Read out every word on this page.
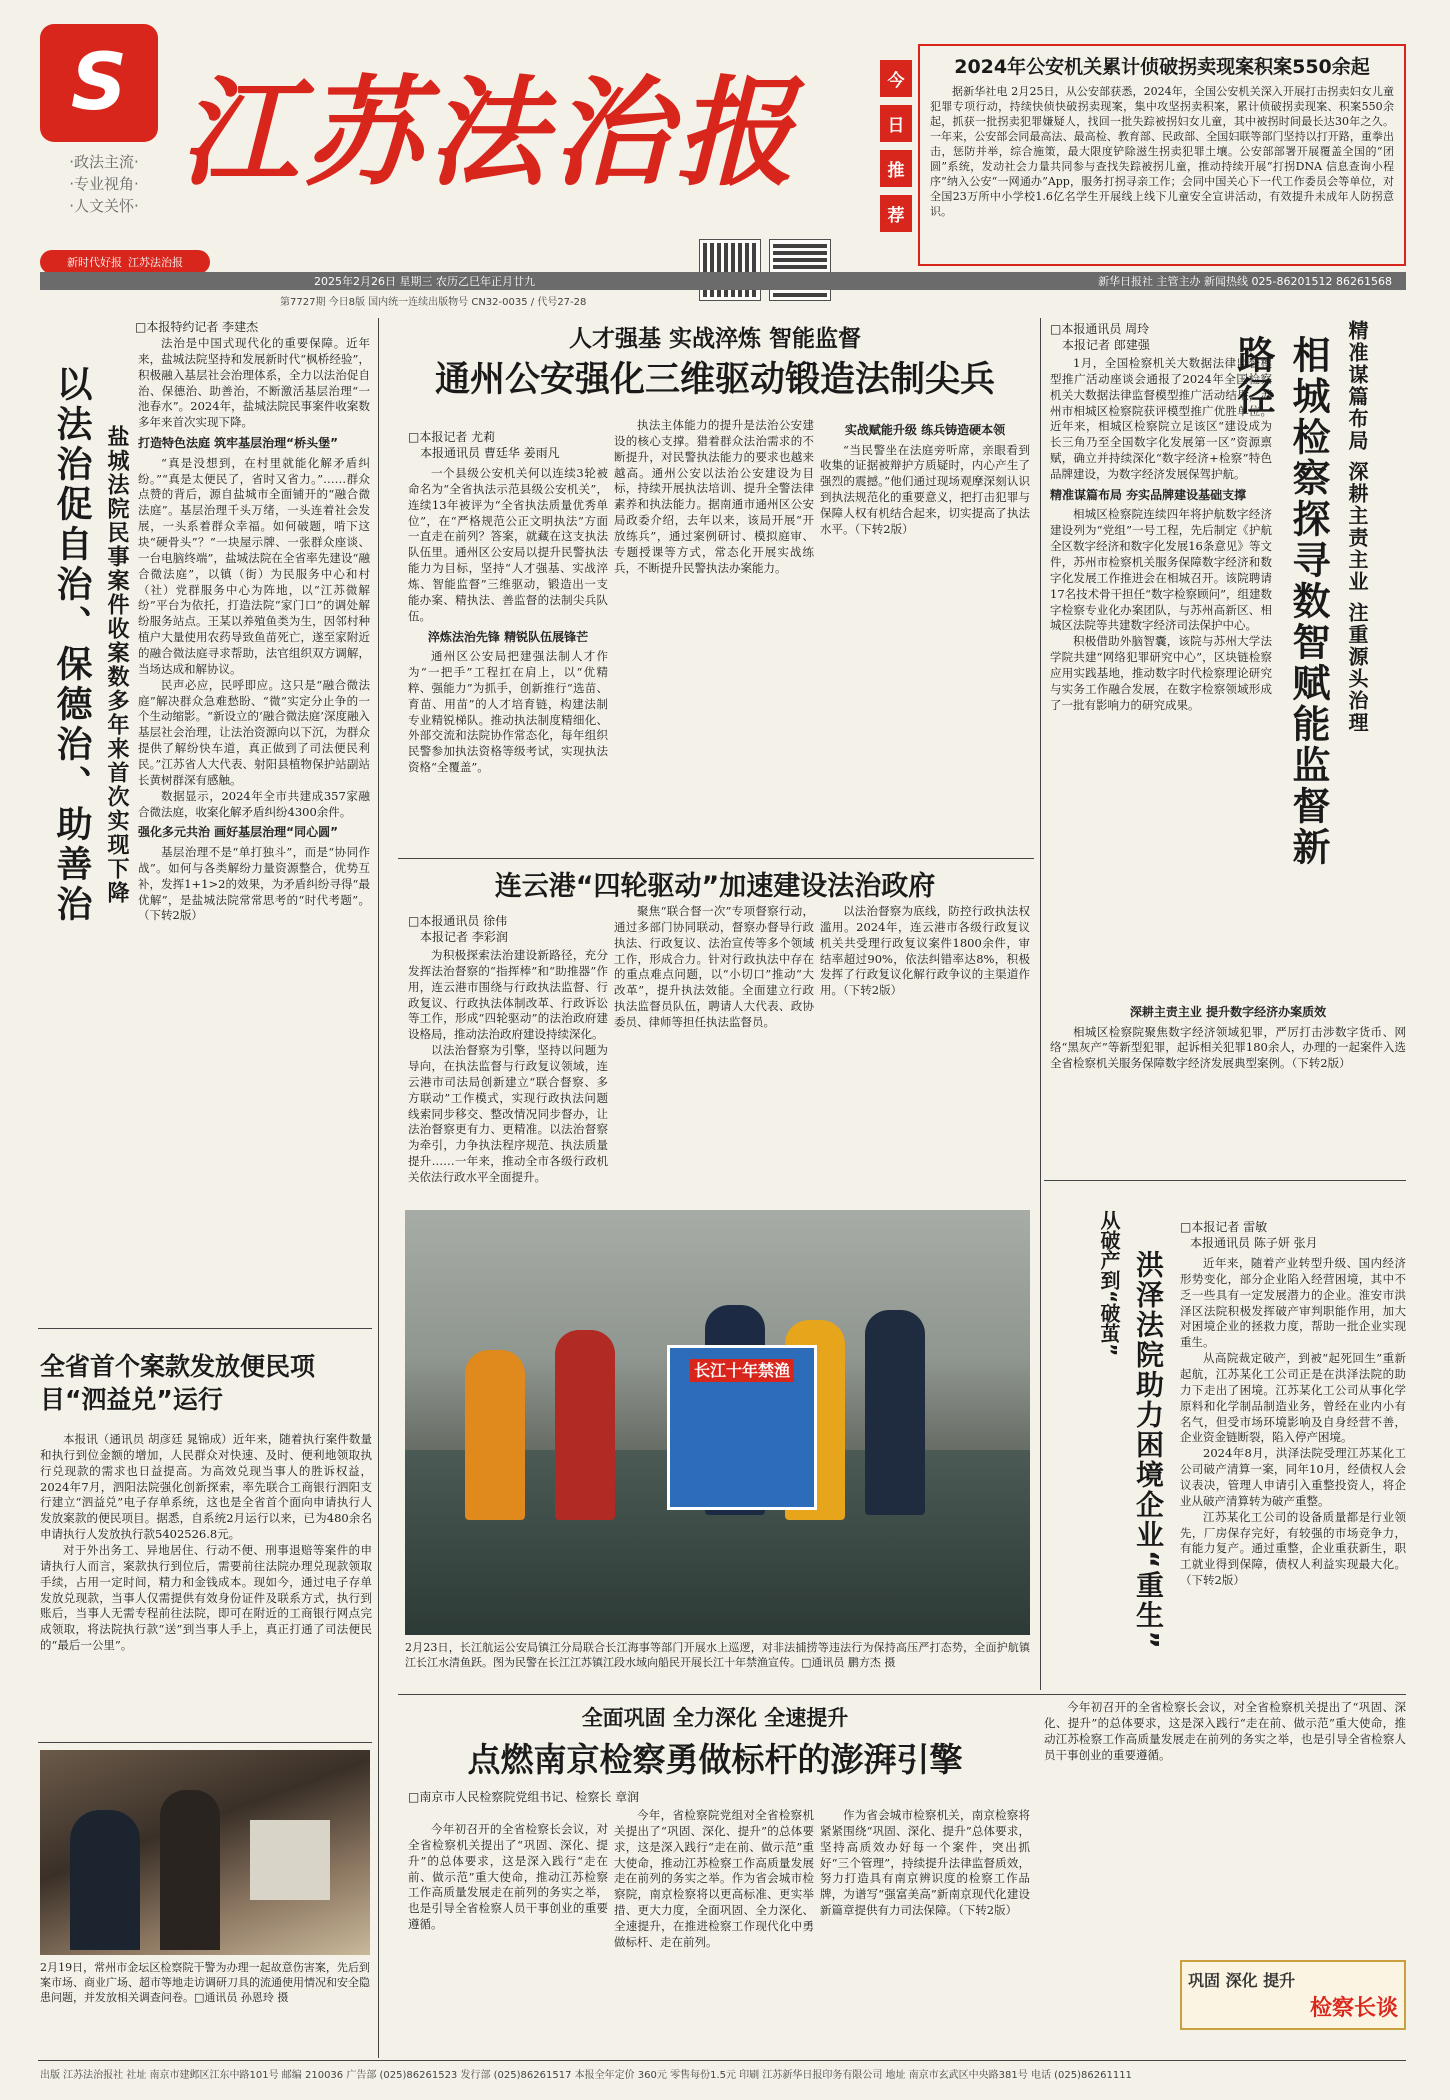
S
·政法主流·
·专业视角·
·人文关怀·
江苏法治报
新时代好报 江苏法治报
今
日
推
荐
2024年公安机关累计侦破拐卖现案积案550余起
据新华社电 2月25日，从公安部获悉，2024年，全国公安机关深入开展打击拐卖妇女儿童犯罪专项行动，持续快侦快破拐卖现案，集中攻坚拐卖积案，累计侦破拐卖现案、积案550余起，抓获一批拐卖犯罪嫌疑人，找回一批失踪被拐妇女儿童，其中被拐时间最长达30年之久。一年来，公安部会同最高法、最高检、教育部、民政部、全国妇联等部门坚持以打开路，重拳出击，惩防并举，综合施策，最大限度铲除滋生拐卖犯罪土壤。公安部部署开展覆盖全国的“团圆”系统，发动社会力量共同参与查找失踪被拐儿童，推动持续开展“打拐DNA 信息查询小程序”纳入公安“一网通办”App，服务打拐寻亲工作；会同中国关心下一代工作委员会等单位，对全国23万所中小学校1.6亿名学生开展线上线下儿童安全宣讲活动，有效提升未成年人防拐意识。
2025年2月26日 星期三 农历乙巳年正月廿九	新华日报社 主管主办 新闻热线 025-86201512 86261568
第7727期 今日8版 国内统一连续出版物号 CN32-0035 / 代号27-28
□本报特约记者 李建杰
以法治促自治、保德治、助善治 盐城法院民事案件收案数多年来首次实现下降

法治是中国式现代化的重要保障。近年来，盐城法院坚持和发展新时代“枫桥经验”，积极融入基层社会治理体系，全力以法治促自治、保德治、助善治，不断激活基层治理“一池春水”。2024年，盐城法院民事案件收案数多年来首次实现下降。

打造特色法庭 筑牢基层治理“桥头堡”

“真是没想到，在村里就能化解矛盾纠纷。”“真是太便民了，省时又省力。”……群众点赞的背后，源自盐城市全面铺开的“融合微法庭”。基层治理千头万绪，一头连着社会发展，一头系着群众幸福。如何破题，啃下这块“硬骨头”？“一块屋示牌、一张群众座谈、一台电脑终端”，盐城法院在全省率先建设“融合微法庭”，以镇（街）为民服务中心和村（社）党群服务中心为阵地，以“江苏微解纷”平台为依托，打造法院“家门口”的调处解纷服务站点。王某以养殖鱼类为生，因邻村种植户大量使用农药导致鱼苗死亡，遂至家附近的融合微法庭寻求帮助，法官组织双方调解，当场达成和解协议。

民声必应，民呼即应。这只是“融合微法庭”解决群众急难愁盼、“微”实定分止争的一个生动缩影。“新设立的‘融合微法庭’深度融入基层社会治理，让法治资源向以下沉，为群众提供了解纷快车道，真正做到了司法便民利民。”江苏省人大代表、射阳县植物保护站副站长黄树群深有感触。

数据显示，2024年全市共建成357家融合微法庭，收案化解矛盾纠纷4300余件。

强化多元共治 画好基层治理“同心圆”

基层治理不是“单打独斗”，而是“协同作战”。如何与各类解纷力量资源整合，优势互补，发挥1+1>2的效果，为矛盾纠纷寻得“最优解”，是盐城法院常常思考的“时代考题”。（下转2版）

全省首个案款发放便民项目“泗益兑”运行

本报讯（通讯员 胡彦廷 晁锦成）近年来，随着执行案件数量和执行到位金额的增加，人民群众对快速、及时、便利地领取执行兑现款的需求也日益提高。为高效兑现当事人的胜诉权益，2024年7月，泗阳法院强化创新探索，率先联合工商银行泗阳支行建立“泗益兑”电子存单系统，这也是全省首个面向申请执行人发放案款的便民项目。据悉，自系统2月运行以来，已为480余名申请执行人发放执行款5402526.8元。

对于外出务工、异地居住、行动不便、刑事退赔等案件的申请执行人而言，案款执行到位后，需要前往法院办理兑现款领取手续，占用一定时间，精力和金钱成本。现如今，通过电子存单发放兑现款，当事人仅需提供有效身份证件及联系方式，执行到账后，当事人无需专程前往法院，即可在附近的工商银行网点完成领取，将法院执行款“送”到当事人手上，真正打通了司法便民的“最后一公里”。

2月19日，常州市金坛区检察院干警为办理一起故意伤害案，先后到案市场、商业广场、超市等地走访调研刀具的流通使用情况和安全隐患问题，并发放相关调查问卷。□通讯员 孙恩玲 摄
人才强基 实战淬炼 智能监督
通州公安强化三维驱动锻造法制尖兵
□本报记者 尤莉
本报通讯员 曹廷华 姜雨凡

一个县级公安机关何以连续3轮被命名为“全省执法示范县级公安机关”，连续13年被评为“全省执法质量优秀单位”，在“严格规范公正文明执法”方面一直走在前列？答案，就藏在这支执法队伍里。通州区公安局以提升民警执法能力为目标，坚持“人才强基、实战淬炼、智能监督”三维驱动，锻造出一支能办案、精执法、善监督的法制尖兵队伍。

淬炼法治先锋 精锐队伍展锋芒

通州区公安局把建强法制人才作为“一把手”工程扛在肩上，以“优精粹、强能力”为抓手，创新推行“选苗、育苗、用苗”的人才培育链，构建法制专业精锐梯队。推动执法制度精细化、外部交流和法院协作常态化，每年组织民警参加执法资格等级考试，实现执法资格“全覆盖”。

执法主体能力的提升是法治公安建设的核心支撑。猎着群众法治需求的不断提升，对民警执法能力的要求也越来越高。通州公安以法治公安建设为目标，持续开展执法培训、提升全警法律素养和执法能力。据南通市通州区公安局政委介绍，去年以来，该局开展“开放练兵”，通过案例研讨、模拟庭审、专题授课等方式，常态化开展实战练兵，不断提升民警执法办案能力。

实战赋能升级 练兵铸造硬本领

“当民警坐在法庭旁听席，亲眼看到收集的证据被辩护方质疑时，内心产生了强烈的震撼。”他们通过现场观摩深刻认识到执法规范化的重要意义，把打击犯罪与保障人权有机结合起来，切实提高了执法水平。（下转2版）

连云港“四轮驱动”加速建设法治政府
□本报通讯员 徐伟
本报记者 李彩润

为积极探索法治建设新路径，充分发挥法治督察的“指挥棒”和“助推器”作用，连云港市围绕与行政执法监督、行政复议、行政执法体制改革、行政诉讼等工作，形成“四轮驱动”的法治政府建设格局，推动法治政府建设持续深化。

以法治督察为引擎，坚持以问题为导向，在执法监督与行政复议领域，连云港市司法局创新建立“联合督察、多方联动”工作模式，实现行政执法问题线索同步移交、整改情况同步督办，让法治督察更有力、更精准。以法治督察为牵引，力争执法程序规范、执法质量提升……一年来，推动全市各级行政机关依法行政水平全面提升。

聚焦“联合督一次”专项督察行动，通过多部门协同联动，督察办督导行政执法、行政复议、法治宣传等多个领域工作，形成合力。针对行政执法中存在的重点难点问题，以“小切口”推动“大改革”，提升执法效能。全面建立行政执法监督员队伍，聘请人大代表、政协委员、律师等担任执法监督员。

以法治督察为底线，防控行政执法权滥用。2024年，连云港市各级行政复议机关共受理行政复议案件1800余件，审结率超过90%，依法纠错率达8%，积极发挥了行政复议化解行政争议的主渠道作用。（下转2版）

长江十年禁渔
2月23日，长江航运公安局镇江分局联合长江海事等部门开展水上巡逻，对非法捕捞等违法行为保持高压严打态势，全面护航镇江长江水清鱼跃。图为民警在长江江苏镇江段水域向船民开展长江十年禁渔宣传。□通讯员 鹏方杰 摄
全面巩固 全力深化 全速提升
点燃南京检察勇做标杆的澎湃引擎
□南京市人民检察院党组书记、检察长 章润

今年初召开的全省检察长会议，对全省检察机关提出了“巩固、深化、提升”的总体要求，这是深入践行“走在前、做示范”重大使命，推动江苏检察工作高质量发展走在前列的务实之举，也是引导全省检察人员干事创业的重要遵循。

今年，省检察院党组对全省检察机关提出了“巩固、深化、提升”的总体要求，这是深入践行“走在前、做示范”重大使命，推动江苏检察工作高质量发展走在前列的务实之举。作为省会城市检察院，南京检察将以更高标准、更实举措、更大力度，全面巩固、全力深化、全速提升，在推进检察工作现代化中勇做标杆、走在前列。

作为省会城市检察机关，南京检察将紧紧围绕“巩固、深化、提升”总体要求，坚持高质效办好每一个案件，突出抓好“三个管理”，持续提升法律监督质效，努力打造具有南京辨识度的检察工作品牌，为谱写“强富美高”新南京现代化建设新篇章提供有力司法保障。（下转2版）

□本报通讯员 周玲
本报记者 郎建强	精准谋篇布局 深耕主责主业 注重源头治理
相城检察探寻数智赋能监督新路径

1月，全国检察机关大数据法律监督模型推广活动座谈会通报了2024年全国检察机关大数据法律监督模型推广活动结果，苏州市相城区检察院获评模型推广优胜单位。近年来，相城区检察院立足该区“建设成为长三角乃至全国数字化发展第一区”资源禀赋，确立并持续深化“数字经济+检察”特色品牌建设，为数字经济发展保驾护航。

精准谋篇布局 夯实品牌建设基础支撑

相城区检察院连续四年将护航数字经济建设列为“党组”一号工程，先后制定《护航全区数字经济和数字化发展16条意见》等文件，苏州市检察机关服务保障数字经济和数字化发展工作推进会在相城召开。该院聘请17名技术骨干担任“数字检察顾问”，组建数字检察专业化办案团队，与苏州高新区、相城区法院等共建数字经济司法保护中心。

积极借助外脑智囊，该院与苏州大学法学院共建“网络犯罪研究中心”，区块链检察应用实践基地，推动数字时代检察理论研究与实务工作融合发展，在数字检察领域形成了一批有影响力的研究成果。

深耕主责主业 提升数字经济办案质效

相城区检察院聚焦数字经济领域犯罪，严厉打击涉数字货币、网络“黑灰产”等新型犯罪，起诉相关犯罪180余人，办理的一起案件入选全省检察机关服务保障数字经济发展典型案例。（下转2版）

从破产到“破茧” 洪泽法院助力困境企业“重生”
□本报记者 雷敏
本报通讯员 陈子妍 张月

近年来，随着产业转型升级、国内经济形势变化，部分企业陷入经营困境，其中不乏一些具有一定发展潜力的企业。淮安市洪泽区法院积极发挥破产审判职能作用，加大对困境企业的拯救力度，帮助一批企业实现重生。

从高院裁定破产，到被“起死回生”重新起航，江苏某化工公司正是在洪泽法院的助力下走出了困境。江苏某化工公司从事化学原料和化学制品制造业务，曾经在业内小有名气，但受市场环境影响及自身经营不善，企业资金链断裂，陷入停产困境。

2024年8月，洪泽法院受理江苏某化工公司破产清算一案，同年10月，经债权人会议表决，管理人申请引入重整投资人，将企业从破产清算转为破产重整。

江苏某化工公司的设备质量都是行业领先，厂房保存完好，有较强的市场竞争力，有能力复产。通过重整，企业重获新生，职工就业得到保障，债权人利益实现最大化。（下转2版）

今年初召开的全省检察长会议，对全省检察机关提出了“巩固、深化、提升”的总体要求，这是深入践行“走在前、做示范”重大使命，推动江苏检察工作高质量发展走在前列的务实之举，也是引导全省检察人员干事创业的重要遵循。

巩固 深化 提升
检察长谈
出版 江苏法治报社 社址 南京市建邺区江东中路101号 邮编 210036 广告部 (025)86261523 发行部 (025)86261517 本报全年定价 360元 零售每份1.5元 印刷 江苏新华日报印务有限公司 地址 南京市玄武区中央路381号 电话 (025)86261111
